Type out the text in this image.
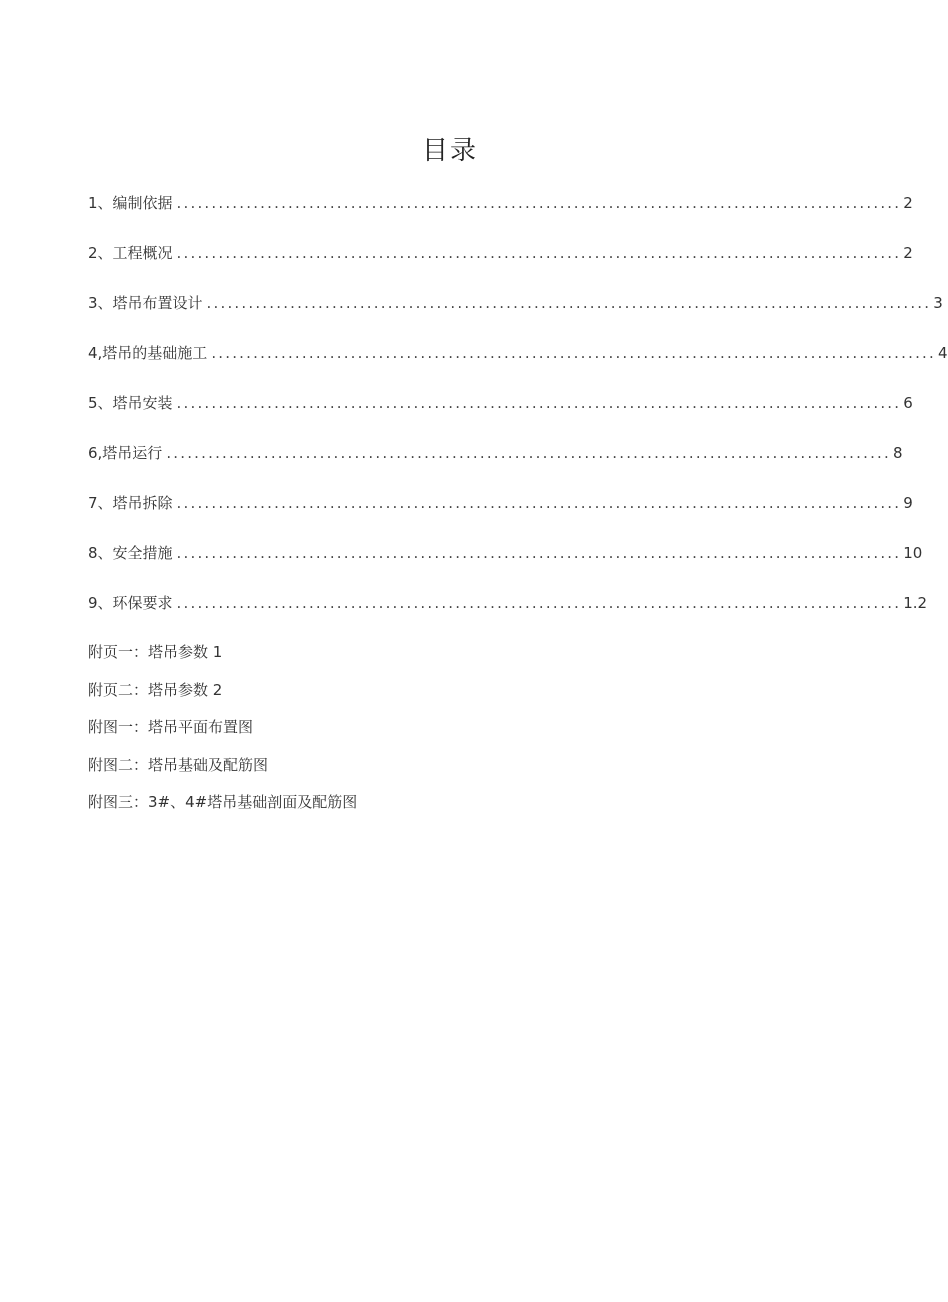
目录
1、编制依据 ........................................................................................................ 2
2、工程概况 ........................................................................................................ 2
3、塔吊布置设计 ........................................................................................................ 3
4,塔吊的基础施工 ........................................................................................................ 4
5、塔吊安装 ........................................................................................................ 6
6,塔吊运行 ........................................................................................................ 8
7、塔吊拆除 ........................................................................................................ 9
8、安全措施 ........................................................................................................ 10
9、环保要求 ........................................................................................................ 1.2
附页一：塔吊参数 1
附页二：塔吊参数 2
附图一：塔吊平面布置图
附图二：塔吊基础及配筋图
附图三：3#、4#塔吊基础剖面及配筋图
